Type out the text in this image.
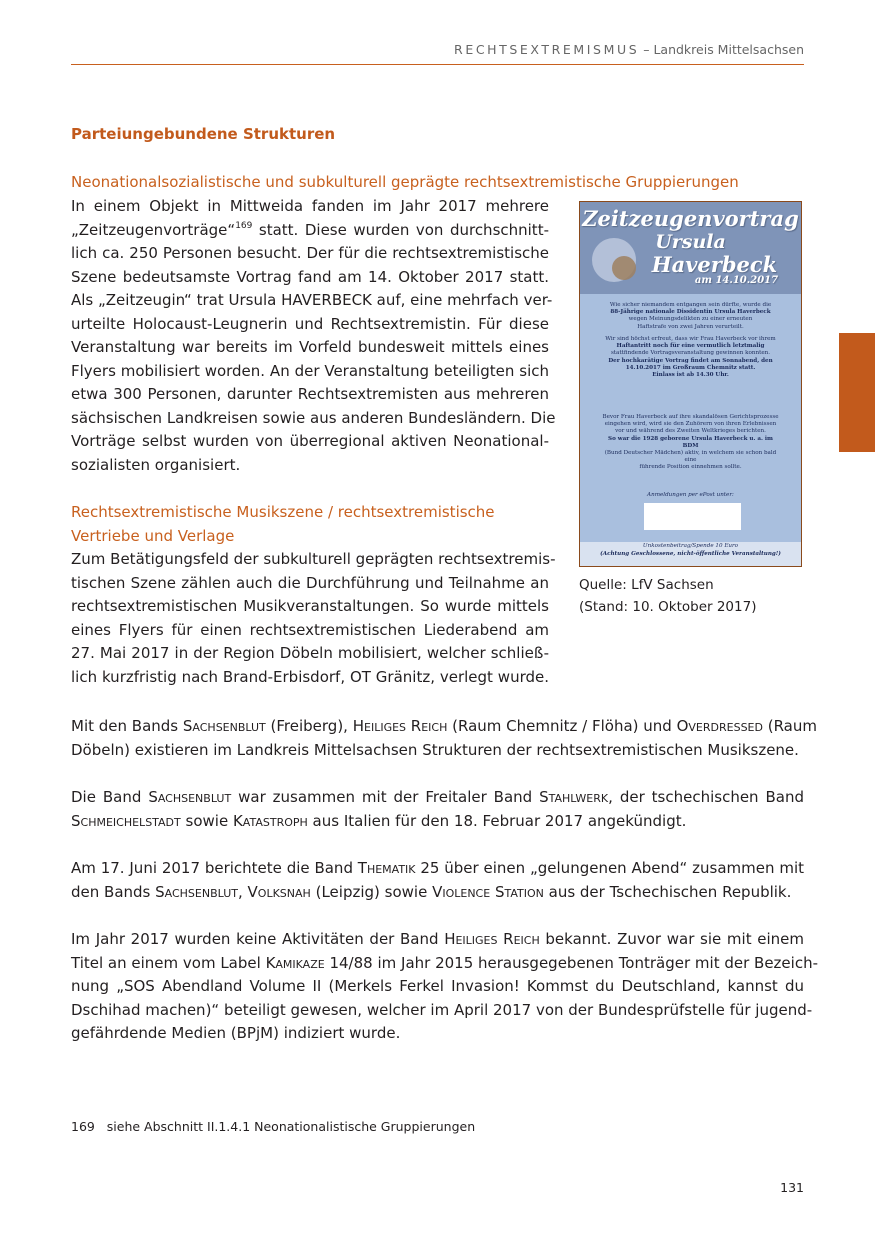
RECHTSEXTREMISMUS – Landkreis Mittelsachsen
Parteiungebundene Strukturen
Neonationalsozialistische und subkulturell geprägte rechtsextremistische Gruppierungen
In einem Objekt in Mittweida fanden im Jahr 2017 mehrere
„Zeitzeugenvorträge“$^{169}$ statt. Diese wurden von durchschnitt-
lich ca. 250 Personen besucht. Der für die rechtsextremistische
Szene bedeutsamste Vortrag fand am 14. Oktober 2017 statt.
Als „Zeitzeugin“ trat Ursula HAVERBECK auf, eine mehrfach ver-
urteilte Holocaust-Leugnerin und Rechtsextremistin. Für diese
Veranstaltung war bereits im Vorfeld bundesweit mittels eines
Flyers mobilisiert worden. An der Veranstaltung beteiligten sich
etwa 300 Personen, darunter Rechtsextremisten aus mehreren
sächsischen Landkreisen sowie aus anderen Bundesländern. Die
Vorträge selbst wurden von überregional aktiven Neonational-
sozialisten organisiert.
Rechtsextremistische Musikszene / rechtsextremistische
Vertriebe und Verlage
Zum Betätigungsfeld der subkulturell geprägten rechtsextremis-
tischen Szene zählen auch die Durchführung und Teilnahme an
rechtsextremistischen Musikveranstaltungen. So wurde mittels
eines Flyers für einen rechtsextremistischen Liederabend am
27. Mai 2017 in der Region Döbeln mobilisiert, welcher schließ-
lich kurzfristig nach Brand-Erbisdorf, OT Gränitz, verlegt wurde.
Zeitzeugenvortrag
Ursula
Haverbeck
am 14.10.2017
Wie sicher niemandem entgangen sein dürfte, wurde die
88-Jährige nationale Dissidentin Ursula Haverbeck
wegen Meinungsdelikten zu einer erneuten
Haftstrafe von zwei Jahren verurteilt.
Wir sind höchst erfreut, dass wir Frau Haverbeck vor ihrem
Haftantritt noch für eine vermutlich letztmalig
stattfindende Vortragsveranstaltung gewinnen konnten.
Der hochkarätige Vortrag findet am Sonnabend, den
14.10.2017 im Großraum Chemnitz statt.
Einlass ist ab 14.30 Uhr.
Bevor Frau Haverbeck auf ihre skandalösen Gerichtsprozesse
eingehen wird, wird sie den Zuhörern von ihren Erlebnissen
vor und während des Zweiten Weltkrieges berichten.
So war die 1928 geborene Ursula Haverbeck u. a. im BDM
(Bund Deutscher Mädchen) aktiv, in welchem sie schon bald eine
führende Position einnehmen sollte.
Anmeldungen per ePost unter:
Unkostenbeitrag/Spende 10 Euro
(Achtung Geschlossene, nicht-öffentliche Veranstaltung!)
Quelle: LfV Sachsen
(Stand: 10. Oktober 2017)
Mit den Bands Sachsenblut (Freiberg), Heiliges Reich (Raum Chemnitz / Flöha) und Overdressed (Raum
Döbeln) existieren im Landkreis Mittelsachsen Strukturen der rechtsextremistischen Musikszene.
Die Band Sachsenblut war zusammen mit der Freitaler Band Stahlwerk, der tschechischen Band
Schmeichelstadt sowie Katastroph aus Italien für den 18. Februar 2017 angekündigt.
Am 17. Juni 2017 berichtete die Band Thematik 25 über einen „gelungenen Abend“ zusammen mit
den Bands Sachsenblut, Volksnah (Leipzig) sowie Violence Station aus der Tschechischen Republik.
Im Jahr 2017 wurden keine Aktivitäten der Band Heiliges Reich bekannt. Zuvor war sie mit einem
Titel an einem vom Label Kamikaze 14/88 im Jahr 2015 herausgegebenen Tonträger mit der Bezeich-
nung „SOS Abendland Volume II (Merkels Ferkel Invasion! Kommst du Deutschland, kannst du
Dschihad machen)“ beteiligt gewesen, welcher im April 2017 von der Bundesprüfstelle für jugend-
gefährdende Medien (BPjM) indiziert wurde.
169   siehe Abschnitt II.1.4.1 Neonationalistische Gruppierungen
131
